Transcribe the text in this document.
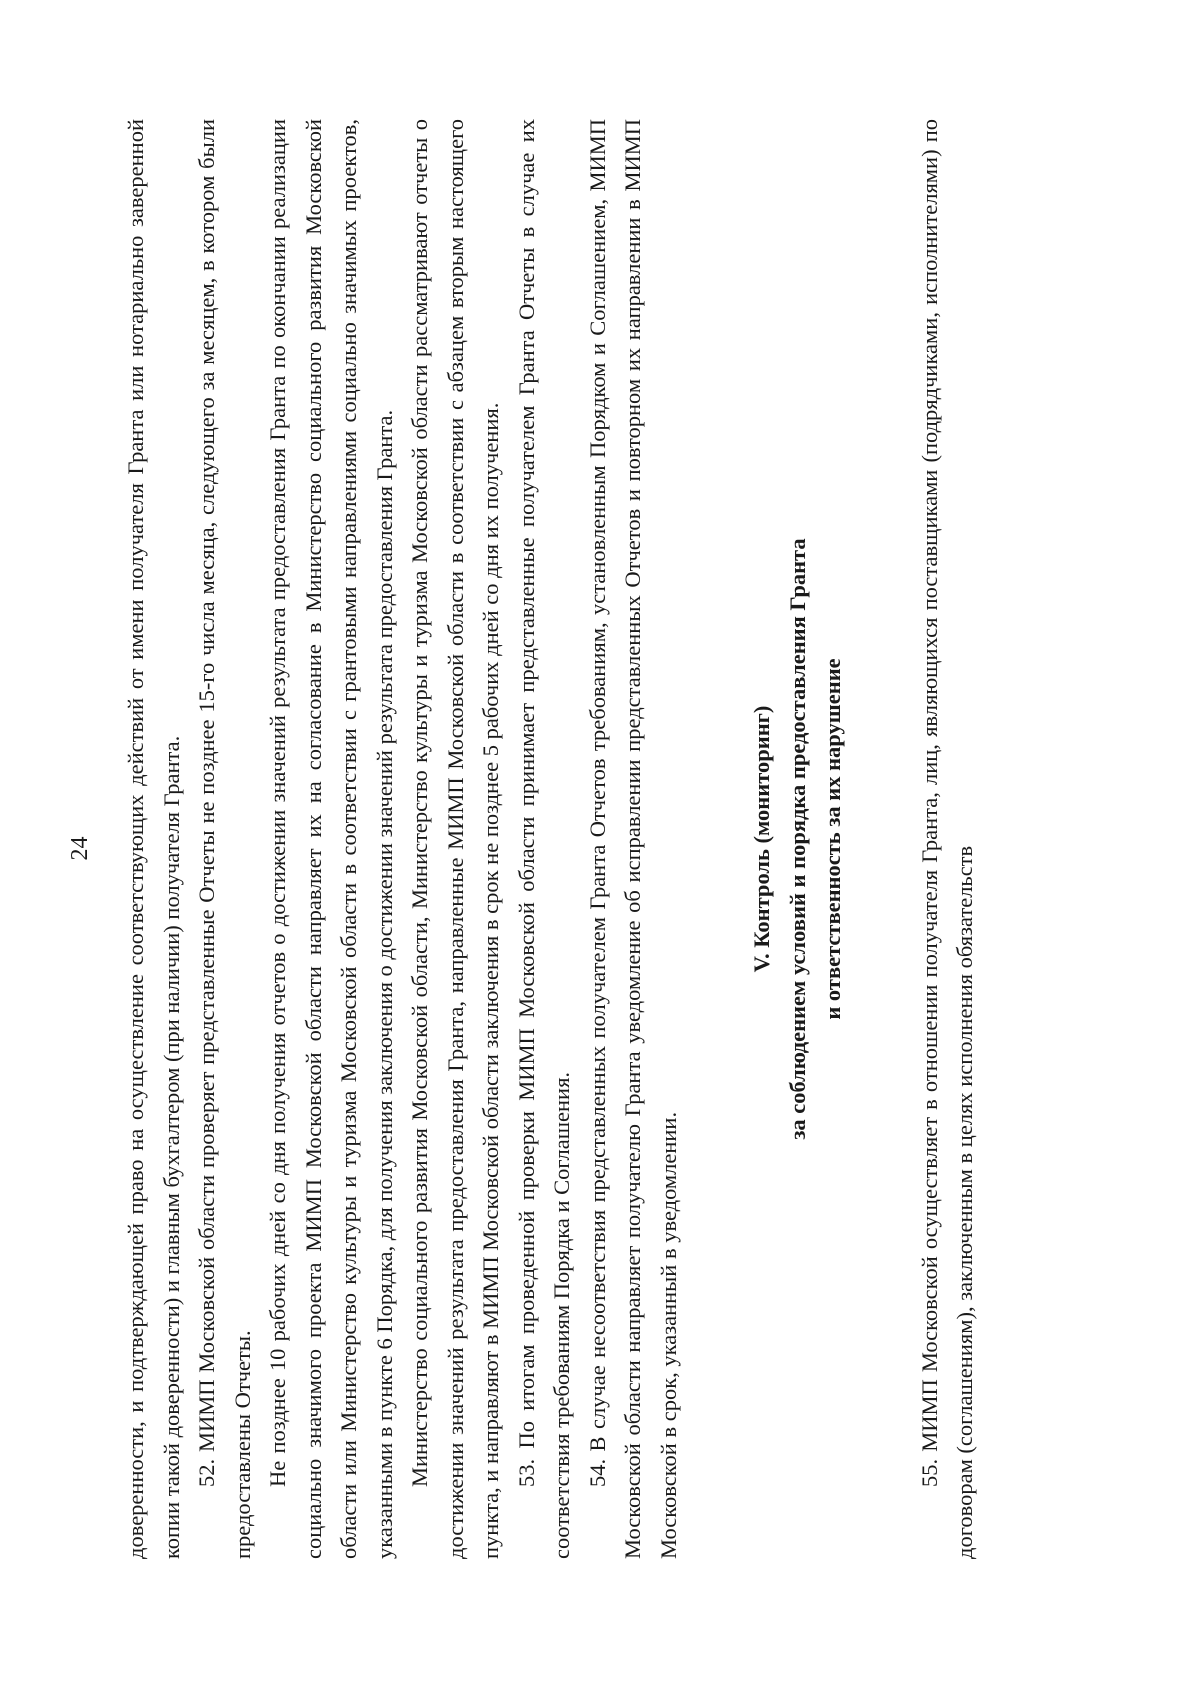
24 доверенности, и подтверждающей право на осуществление соответствующих действий от имени получателя Гранта или нотариально заверенной копии такой доверенности) и главным бухгалтером (при наличии) получателя Гранта. 52. МИМП Московской области проверяет представленные Отчеты не позднее 15-го числа месяца, следующего за месяцем, в котором были предоставлены Отчеты. Не позднее 10 рабочих дней со дня получения отчетов о достижении значений результата предоставления Гранта по окончании реализации социально значимого проекта МИМП Московской области направляет их на согласование в Министерство социального развития Московской области или Министерство культуры и туризма Московской области в соответствии с грантовыми направлениями социально значимых проектов, указанными в пункте 6 Порядка, для получения заключения о достижении значений результата предоставления Гранта. Министерство социального развития Московской области, Министерство культуры и туризма Московской области рассматривают отчеты о достижении значений результата предоставления Гранта, направленные МИМП Московской области в соответствии с абзацем вторым настоящего пункта, и направляют в МИМП Московской области заключения в срок не позднее 5 рабочих дней со дня их получения. 53. По итогам проведенной проверки МИМП Московской области принимает представленные получателем Гранта Отчеты в случае их соответствия требованиям Порядка и Соглашения. 54. В случае несоответствия представленных получателем Гранта Отчетов требованиям, установленным Порядком и Соглашением, МИМП Московской области направляет получателю Гранта уведомление об исправлении представленных Отчетов и повторном их направлении в МИМП Московской в срок, указанный в уведомлении.

V. Контроль (мониторинг) за соблюдением условий и порядка предоставления Гранта и ответственность за их нарушение	55. МИМП Московской осуществляет в отношении получателя Гранта, лиц, являющихся поставщиками (подрядчиками, исполнителями) по договорам (соглашениям), заключенным в целях исполнения обязательств
